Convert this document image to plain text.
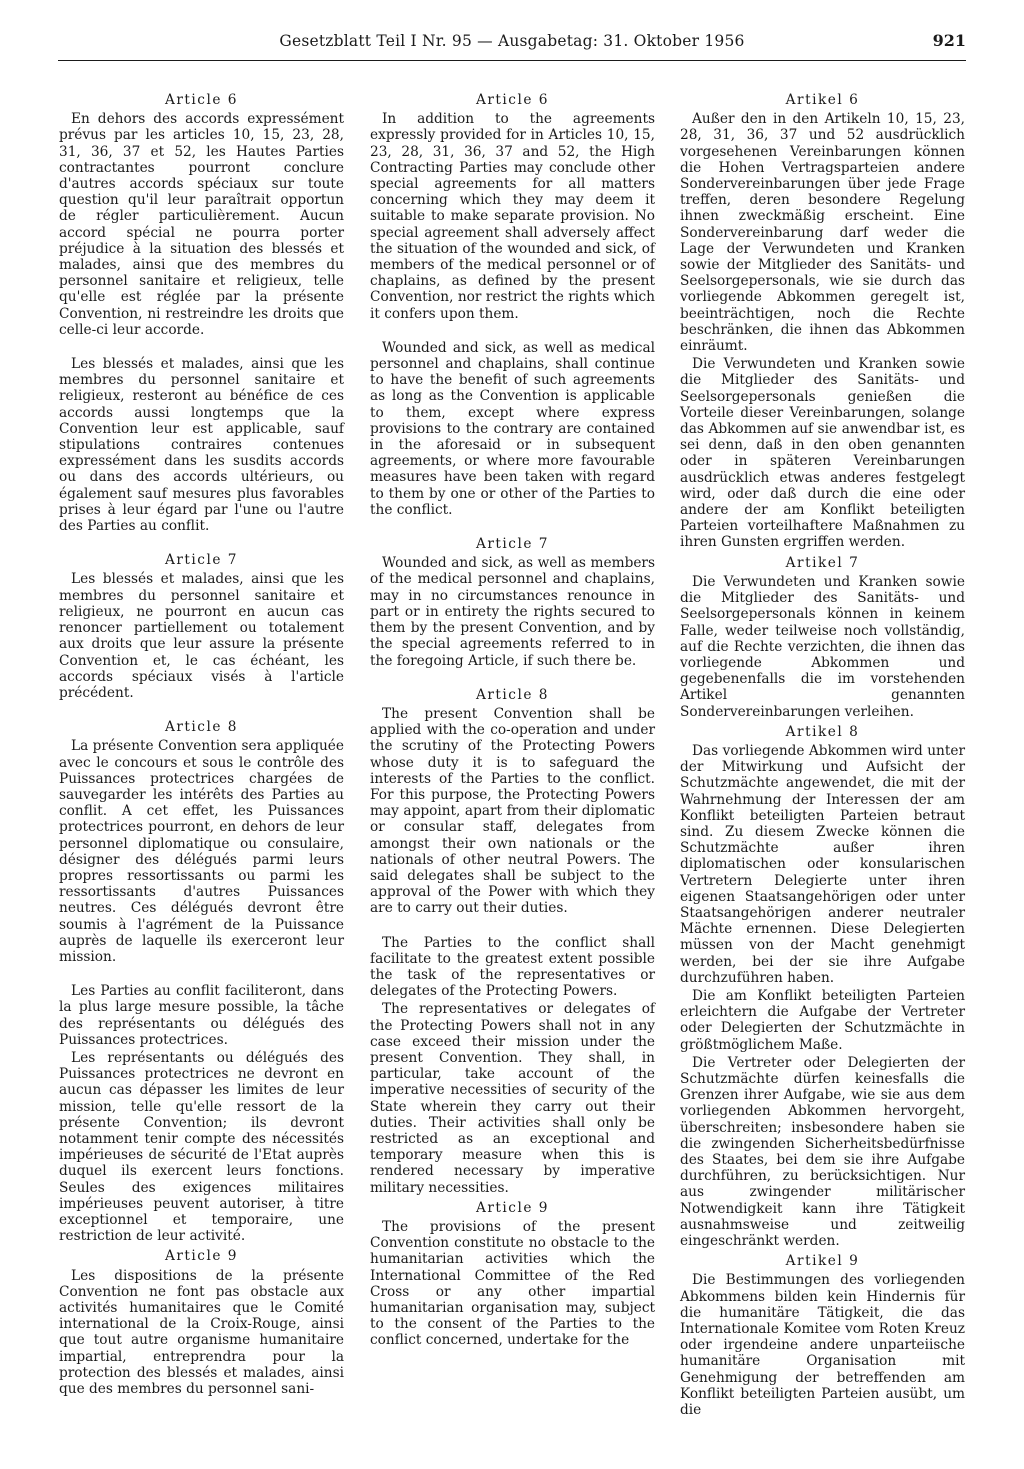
Gesetzblatt Teil I Nr. 95 — Ausgabetag: 31. Oktober 1956	921
Article 6

En dehors des accords expressément prévus par les articles 10, 15, 23, 28, 31, 36, 37 et 52, les Hautes Parties contractantes pourront conclure d'autres accords spéciaux sur toute question qu'il leur paraîtrait opportun de régler particulièrement. Aucun accord spécial ne pourra porter préjudice à la situation des blessés et malades, ainsi que des membres du personnel sanitaire et religieux, telle qu'elle est réglée par la présente Convention, ni restreindre les droits que celle-ci leur accorde.

Les blessés et malades, ainsi que les membres du personnel sanitaire et religieux, resteront au bénéfice de ces accords aussi longtemps que la Convention leur est applicable, sauf stipulations contraires contenues expressément dans les susdits accords ou dans des accords ultérieurs, ou également sauf mesures plus favorables prises à leur égard par l'une ou l'autre des Parties au conflit.

Article 7

Les blessés et malades, ainsi que les membres du personnel sanitaire et religieux, ne pourront en aucun cas renoncer partiellement ou totalement aux droits que leur assure la présente Convention et, le cas échéant, les accords spéciaux visés à l'article précédent.

Article 8

La présente Convention sera appliquée avec le concours et sous le contrôle des Puissances protectrices chargées de sauvegarder les intérêts des Parties au conflit. A cet effet, les Puissances protectrices pourront, en dehors de leur personnel diplomatique ou consulaire, désigner des délégués parmi leurs propres ressortissants ou parmi les ressortissants d'autres Puissances neutres. Ces délégués devront être soumis à l'agrément de la Puissance auprès de laquelle ils exerceront leur mission.

Les Parties au conflit faciliteront, dans la plus large mesure possible, la tâche des représentants ou délégués des Puissances protectrices.

Les représentants ou délégués des Puissances protectrices ne devront en aucun cas dépasser les limites de leur mission, telle qu'elle ressort de la présente Convention; ils devront notamment tenir compte des nécessités impérieuses de sécurité de l'Etat auprès duquel ils exercent leurs fonctions. Seules des exigences militaires impérieuses peuvent autoriser, à titre exceptionnel et temporaire, une restriction de leur activité.

Article 9

Les dispositions de la présente Convention ne font pas obstacle aux activités humanitaires que le Comité international de la Croix-Rouge, ainsi que tout autre organisme humanitaire impartial, entreprendra pour la protection des blessés et malades, ainsi que des membres du personnel sani-

Article 6

In addition to the agreements expressly provided for in Articles 10, 15, 23, 28, 31, 36, 37 and 52, the High Contracting Parties may conclude other special agreements for all matters concerning which they may deem it suitable to make separate provision. No special agreement shall adversely affect the situation of the wounded and sick, of members of the medical personnel or of chaplains, as defined by the present Convention, nor restrict the rights which it confers upon them.

Wounded and sick, as well as medical personnel and chaplains, shall continue to have the benefit of such agreements as long as the Convention is applicable to them, except where express provisions to the contrary are contained in the aforesaid or in subsequent agreements, or where more favourable measures have been taken with regard to them by one or other of the Parties to the conflict.

Article 7

Wounded and sick, as well as members of the medical personnel and chaplains, may in no circumstances renounce in part or in entirety the rights secured to them by the present Convention, and by the special agreements referred to in the foregoing Article, if such there be.

Article 8

The present Convention shall be applied with the co-operation and under the scrutiny of the Protecting Powers whose duty it is to safeguard the interests of the Parties to the conflict. For this purpose, the Protecting Powers may appoint, apart from their diplomatic or consular staff, delegates from amongst their own nationals or the nationals of other neutral Powers. The said delegates shall be subject to the approval of the Power with which they are to carry out their duties.

The Parties to the conflict shall facilitate to the greatest extent possible the task of the representatives or delegates of the Protecting Powers.

The representatives or delegates of the Protecting Powers shall not in any case exceed their mission under the present Convention. They shall, in particular, take account of the imperative necessities of security of the State wherein they carry out their duties. Their activities shall only be restricted as an exceptional and temporary measure when this is rendered necessary by imperative military necessities.

Article 9

The provisions of the present Convention constitute no obstacle to the humanitarian activities which the International Committee of the Red Cross or any other impartial humanitarian organisation may, subject to the consent of the Parties to the conflict concerned, undertake for the

Artikel 6

Außer den in den Artikeln 10, 15, 23, 28, 31, 36, 37 und 52 ausdrücklich vorgesehenen Vereinbarungen können die Hohen Vertragsparteien andere Sondervereinbarungen über jede Frage treffen, deren besondere Regelung ihnen zweckmäßig erscheint. Eine Sondervereinbarung darf weder die Lage der Verwundeten und Kranken sowie der Mitglieder des Sanitäts- und Seelsorgepersonals, wie sie durch das vorliegende Abkommen geregelt ist, beeinträchtigen, noch die Rechte beschränken, die ihnen das Abkommen einräumt.

Die Verwundeten und Kranken sowie die Mitglieder des Sanitäts- und Seelsorgepersonals genießen die Vorteile dieser Vereinbarungen, solange das Abkommen auf sie anwendbar ist, es sei denn, daß in den oben genannten oder in späteren Vereinbarungen ausdrücklich etwas anderes festgelegt wird, oder daß durch die eine oder andere der am Konflikt beteiligten Parteien vorteilhaftere Maßnahmen zu ihren Gunsten ergriffen werden.

Artikel 7

Die Verwundeten und Kranken sowie die Mitglieder des Sanitäts- und Seelsorgepersonals können in keinem Falle, weder teilweise noch vollständig, auf die Rechte verzichten, die ihnen das vorliegende Abkommen und gegebenenfalls die im vorstehenden Artikel genannten Sondervereinbarungen verleihen.

Artikel 8

Das vorliegende Abkommen wird unter der Mitwirkung und Aufsicht der Schutzmächte angewendet, die mit der Wahrnehmung der Interessen der am Konflikt beteiligten Parteien betraut sind. Zu diesem Zwecke können die Schutzmächte außer ihren diplomatischen oder konsularischen Vertretern Delegierte unter ihren eigenen Staatsangehörigen oder unter Staatsangehörigen anderer neutraler Mächte ernennen. Diese Delegierten müssen von der Macht genehmigt werden, bei der sie ihre Aufgabe durchzuführen haben.

Die am Konflikt beteiligten Parteien erleichtern die Aufgabe der Vertreter oder Delegierten der Schutzmächte in größtmöglichem Maße.

Die Vertreter oder Delegierten der Schutzmächte dürfen keinesfalls die Grenzen ihrer Aufgabe, wie sie aus dem vorliegenden Abkommen hervorgeht, überschreiten; insbesondere haben sie die zwingenden Sicherheitsbedürfnisse des Staates, bei dem sie ihre Aufgabe durchführen, zu berücksichtigen. Nur aus zwingender militärischer Notwendigkeit kann ihre Tätigkeit ausnahmsweise und zeitweilig eingeschränkt werden.

Artikel 9

Die Bestimmungen des vorliegenden Abkommens bilden kein Hindernis für die humanitäre Tätigkeit, die das Internationale Komitee vom Roten Kreuz oder irgendeine andere unparteiische humanitäre Organisation mit Genehmigung der betreffenden am Konflikt beteiligten Parteien ausübt, um die
